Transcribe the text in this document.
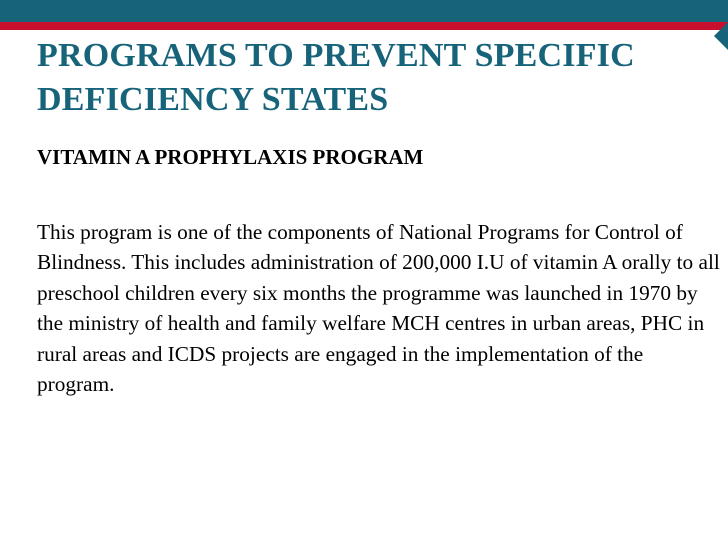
PROGRAMS TO PREVENT SPECIFIC DEFICIENCY STATES
VITAMIN A PROPHYLAXIS PROGRAM

This program is one of the components of National Programs for Control of Blindness. This includes administration of 200,000 I.U of vitamin A orally to all preschool children every six months the programme was launched in 1970 by the ministry of health and family welfare MCH centres in urban areas, PHC in rural areas and ICDS projects are engaged in the implementation of the program.
